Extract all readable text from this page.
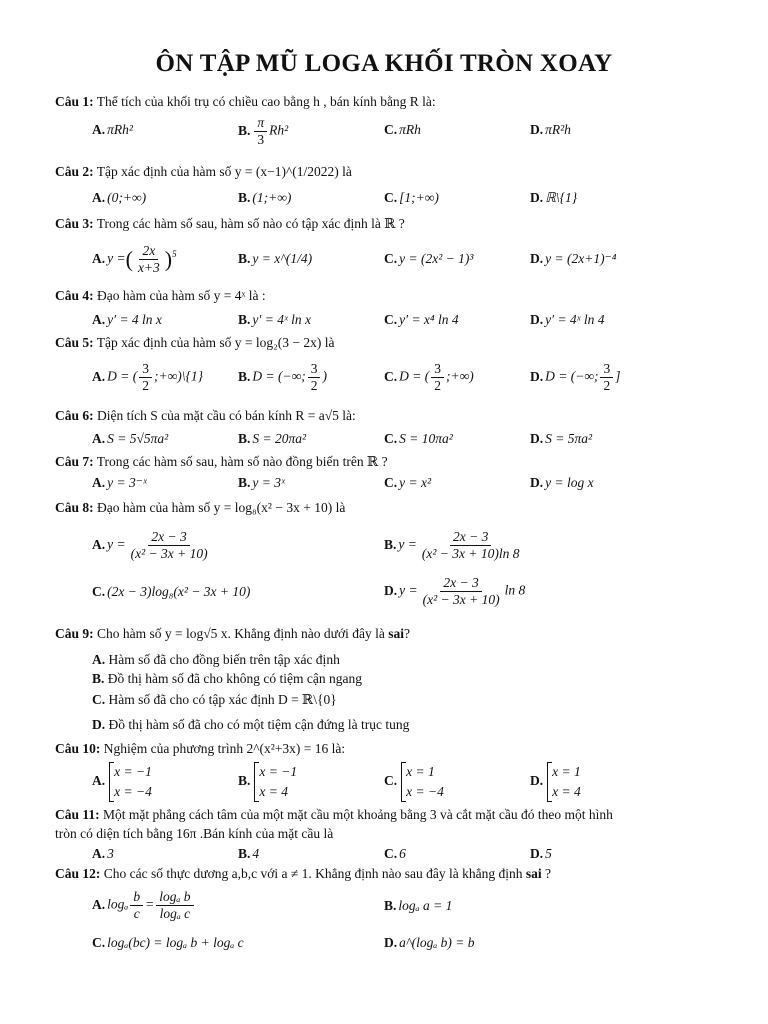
ÔN TẬP MŨ LOGA KHỐI TRÒN XOAY
Câu 1: Thể tích của khối trụ có chiều cao bằng h , bán kính bằng R là:
A. πRh²	B. $\frac{\pi}{3} Rh^2$	C. πRh	D. πR²h
Câu 2: Tập xác định của hàm số y = (x−1)^(1/2022) là
A. (0;+∞)	B. (1;+∞)	C. [1;+∞)	D. ℝ\{1}
Câu 3: Trong các hàm số sau, hàm số nào có tập xác định là ℝ ?
A. y =( $\frac{2x}{x+3} )^5$	B. y = x^(1/4)	C. y = (2x² − 1)³	D. y = (2x+1)⁻⁴
Câu 4: Đạo hàm của hàm số y = 4ˣ là :
A. y′ = 4 ln x	B. y′ = 4ˣ ln x	C. y′ = x⁴ ln 4	D. y′ = 4ˣ ln 4
Câu 5: Tập xác định của hàm số y = log₂(3 − 2x) là
A. D = ( $\frac{3}{2}$ ;+∞)\{1}	B. D = (−∞; $\frac{3}{2}$ )	C. D = ( $\frac{3}{2}$ ;+∞)	D. D = (−∞; $\frac{3}{2}$ ]
Câu 6: Diện tích S của mặt cầu có bán kính R = a√5 là:
A. S = 5√5πa²	B. S = 20πa²	C. S = 10πa²	D. S = 5πa²
Câu 7: Trong các hàm số sau, hàm số nào đồng biến trên ℝ ?
A. y = 3⁻ˣ	B. y = 3ˣ	C. y = x²	D. y = log x
Câu 8: Đạo hàm của hàm số y = log₈(x² − 3x + 10) là
A. $y = \frac{2x - 3}{\text{(x² − 3x + 10)}}$	B. $y = \frac{2x - 3}{\text{(x² − 3x + 10)ln 8}}$
C. (2x − 3)log₈(x² − 3x + 10)	D. $y = \frac{2x - 3}{\text{(x² − 3x + 10)}}$ ln 8
Câu 9: Cho hàm số y = log√5 x. Khẳng định nào dưới đây là sai?
A. Hàm số đã cho đồng biến trên tập xác định
B. Đồ thị hàm số đã cho không có tiệm cận ngang
C. Hàm số đã cho có tập xác định D = ℝ\{0}
D. Đồ thị hàm số đã cho có một tiệm cận đứng là trục tung
Câu 10: Nghiệm của phương trình 2^(x²+3x) = 16 là:
A.
x = −1
x = −4
B.
x = −1
x = 4
C.
x = 1
x = −4
D.
x = 1
x = 4
Câu 11: Một mặt phẳng cách tâm của một mặt cầu một khoảng bằng 3 và cắt mặt cầu đó theo một hình
tròn có diện tích bằng 16π .Bán kính của mặt cầu là
A. 3	B. 4	C. 6	D. 5
Câu 12: Cho các số thực dương a,b,c với a ≠ 1. Khẳng định nào sau đây là khẳng định sai ?
A. logₐ $\frac{b}{c} = \frac{\text{logₐ b}}{\text{logₐ c}}$	B. logₐ a = 1
C. logₐ(bc) = logₐ b + logₐ c	D. a^(logₐ b) = b
